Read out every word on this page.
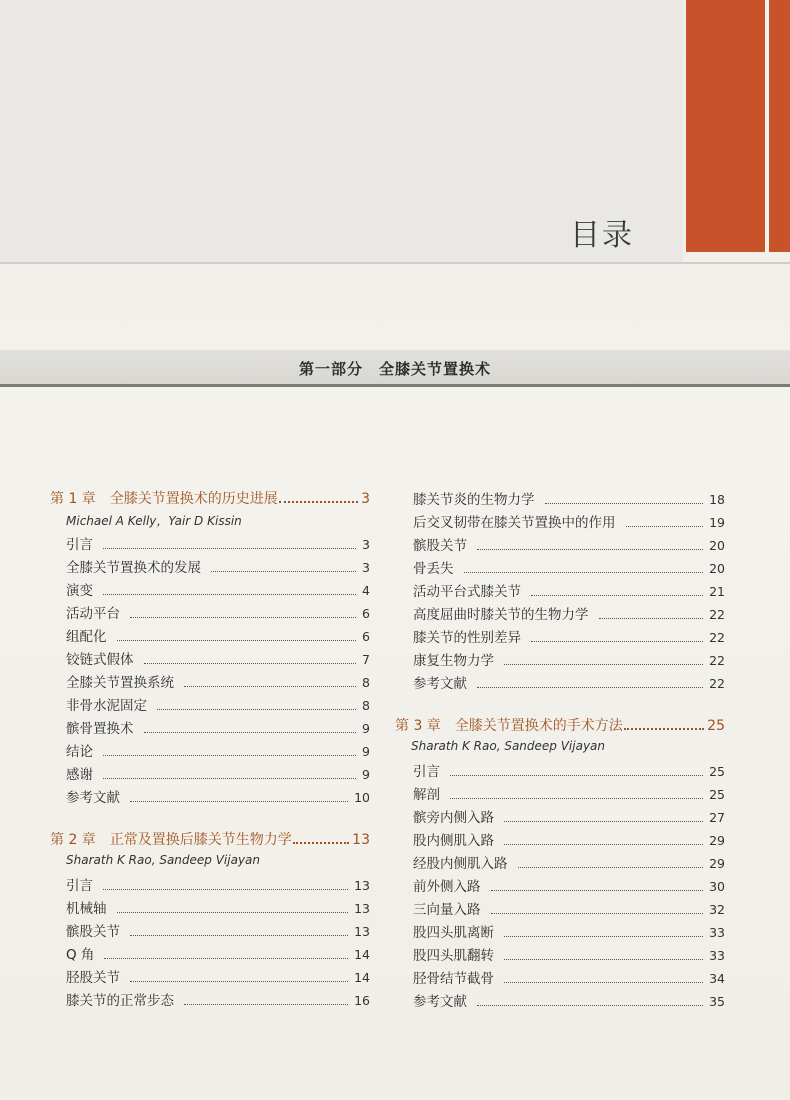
目录
第一部分　全膝关节置换术
第 1 章 全膝关节置换术的历史进展	3
Michael A Kelly，Yair D Kissin
引言	3
全膝关节置换术的发展	3
演变	4
活动平台	6
组配化	6
铰链式假体	7
全膝关节置换系统	8
非骨水泥固定	8
髌骨置换术	9
结论	9
感谢	9
参考文献	10
第 2 章 正常及置换后膝关节生物力学	13
Sharath K Rao, Sandeep Vijayan
引言	13
机械轴	13
髌股关节	13
Q 角	14
胫股关节	14
膝关节的正常步态	16
膝关节炎的生物力学	18
后交叉韧带在膝关节置换中的作用	19
髌股关节	20
骨丢失	20
活动平台式膝关节	21
高度屈曲时膝关节的生物力学	22
膝关节的性别差异	22
康复生物力学	22
参考文献	22
第 3 章 全膝关节置换术的手术方法	25
Sharath K Rao, Sandeep Vijayan
引言	25
解剖	25
髌旁内侧入路	27
股内侧肌入路	29
经股内侧肌入路	29
前外侧入路	30
三向量入路	32
股四头肌离断	33
股四头肌翻转	33
胫骨结节截骨	34
参考文献	35
